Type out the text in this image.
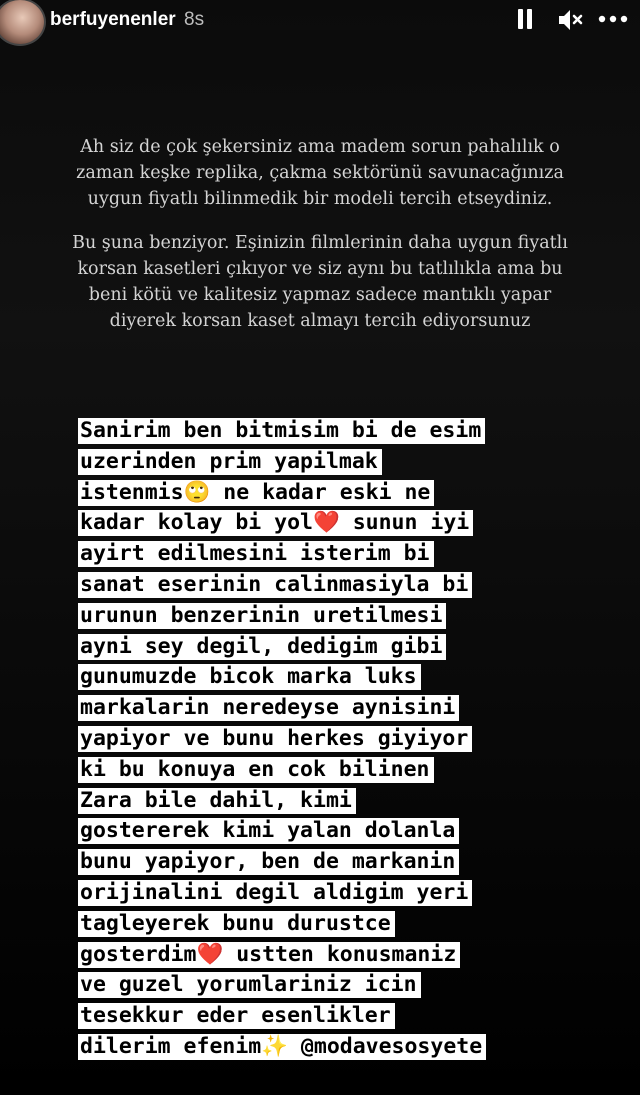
berfuyenenler 8s

Ah siz de çok şekersiniz ama madem sorun pahalılık o

zaman keşke replika, çakma sektörünü savunacağınıza

uygun fiyatlı bilinmedik bir modeli tercih etseydiniz.

Bu şuna benziyor. Eşinizin filmlerinin daha uygun fiyatlı

korsan kasetleri çıkıyor ve siz aynı bu tatlılıkla ama bu

beni kötü ve kalitesiz yapmaz sadece mantıklı yapar

diyerek korsan kaset almayı tercih ediyorsunuz

Sanirim ben bitmisim bi de esim
uzerinden prim yapilmak
istenmis🙄 ne kadar eski ne
kadar kolay bi yol❤️ sunun iyi
ayirt edilmesini isterim bi
sanat eserinin calinmasiyla bi
urunun benzerinin uretilmesi
ayni sey degil, dedigim gibi
gunumuzde bicok marka luks
markalarin neredeyse aynisini
yapiyor ve bunu herkes giyiyor
ki bu konuya en cok bilinen
Zara bile dahil, kimi
gostererek kimi yalan dolanla
bunu yapiyor, ben de markanin
orijinalini degil aldigim yeri
tagleyerek bunu durustce
gosterdim❤️ ustten konusmaniz
ve guzel yorumlariniz icin
tesekkur eder esenlikler
dilerim efenim✨ @modavesosyete
